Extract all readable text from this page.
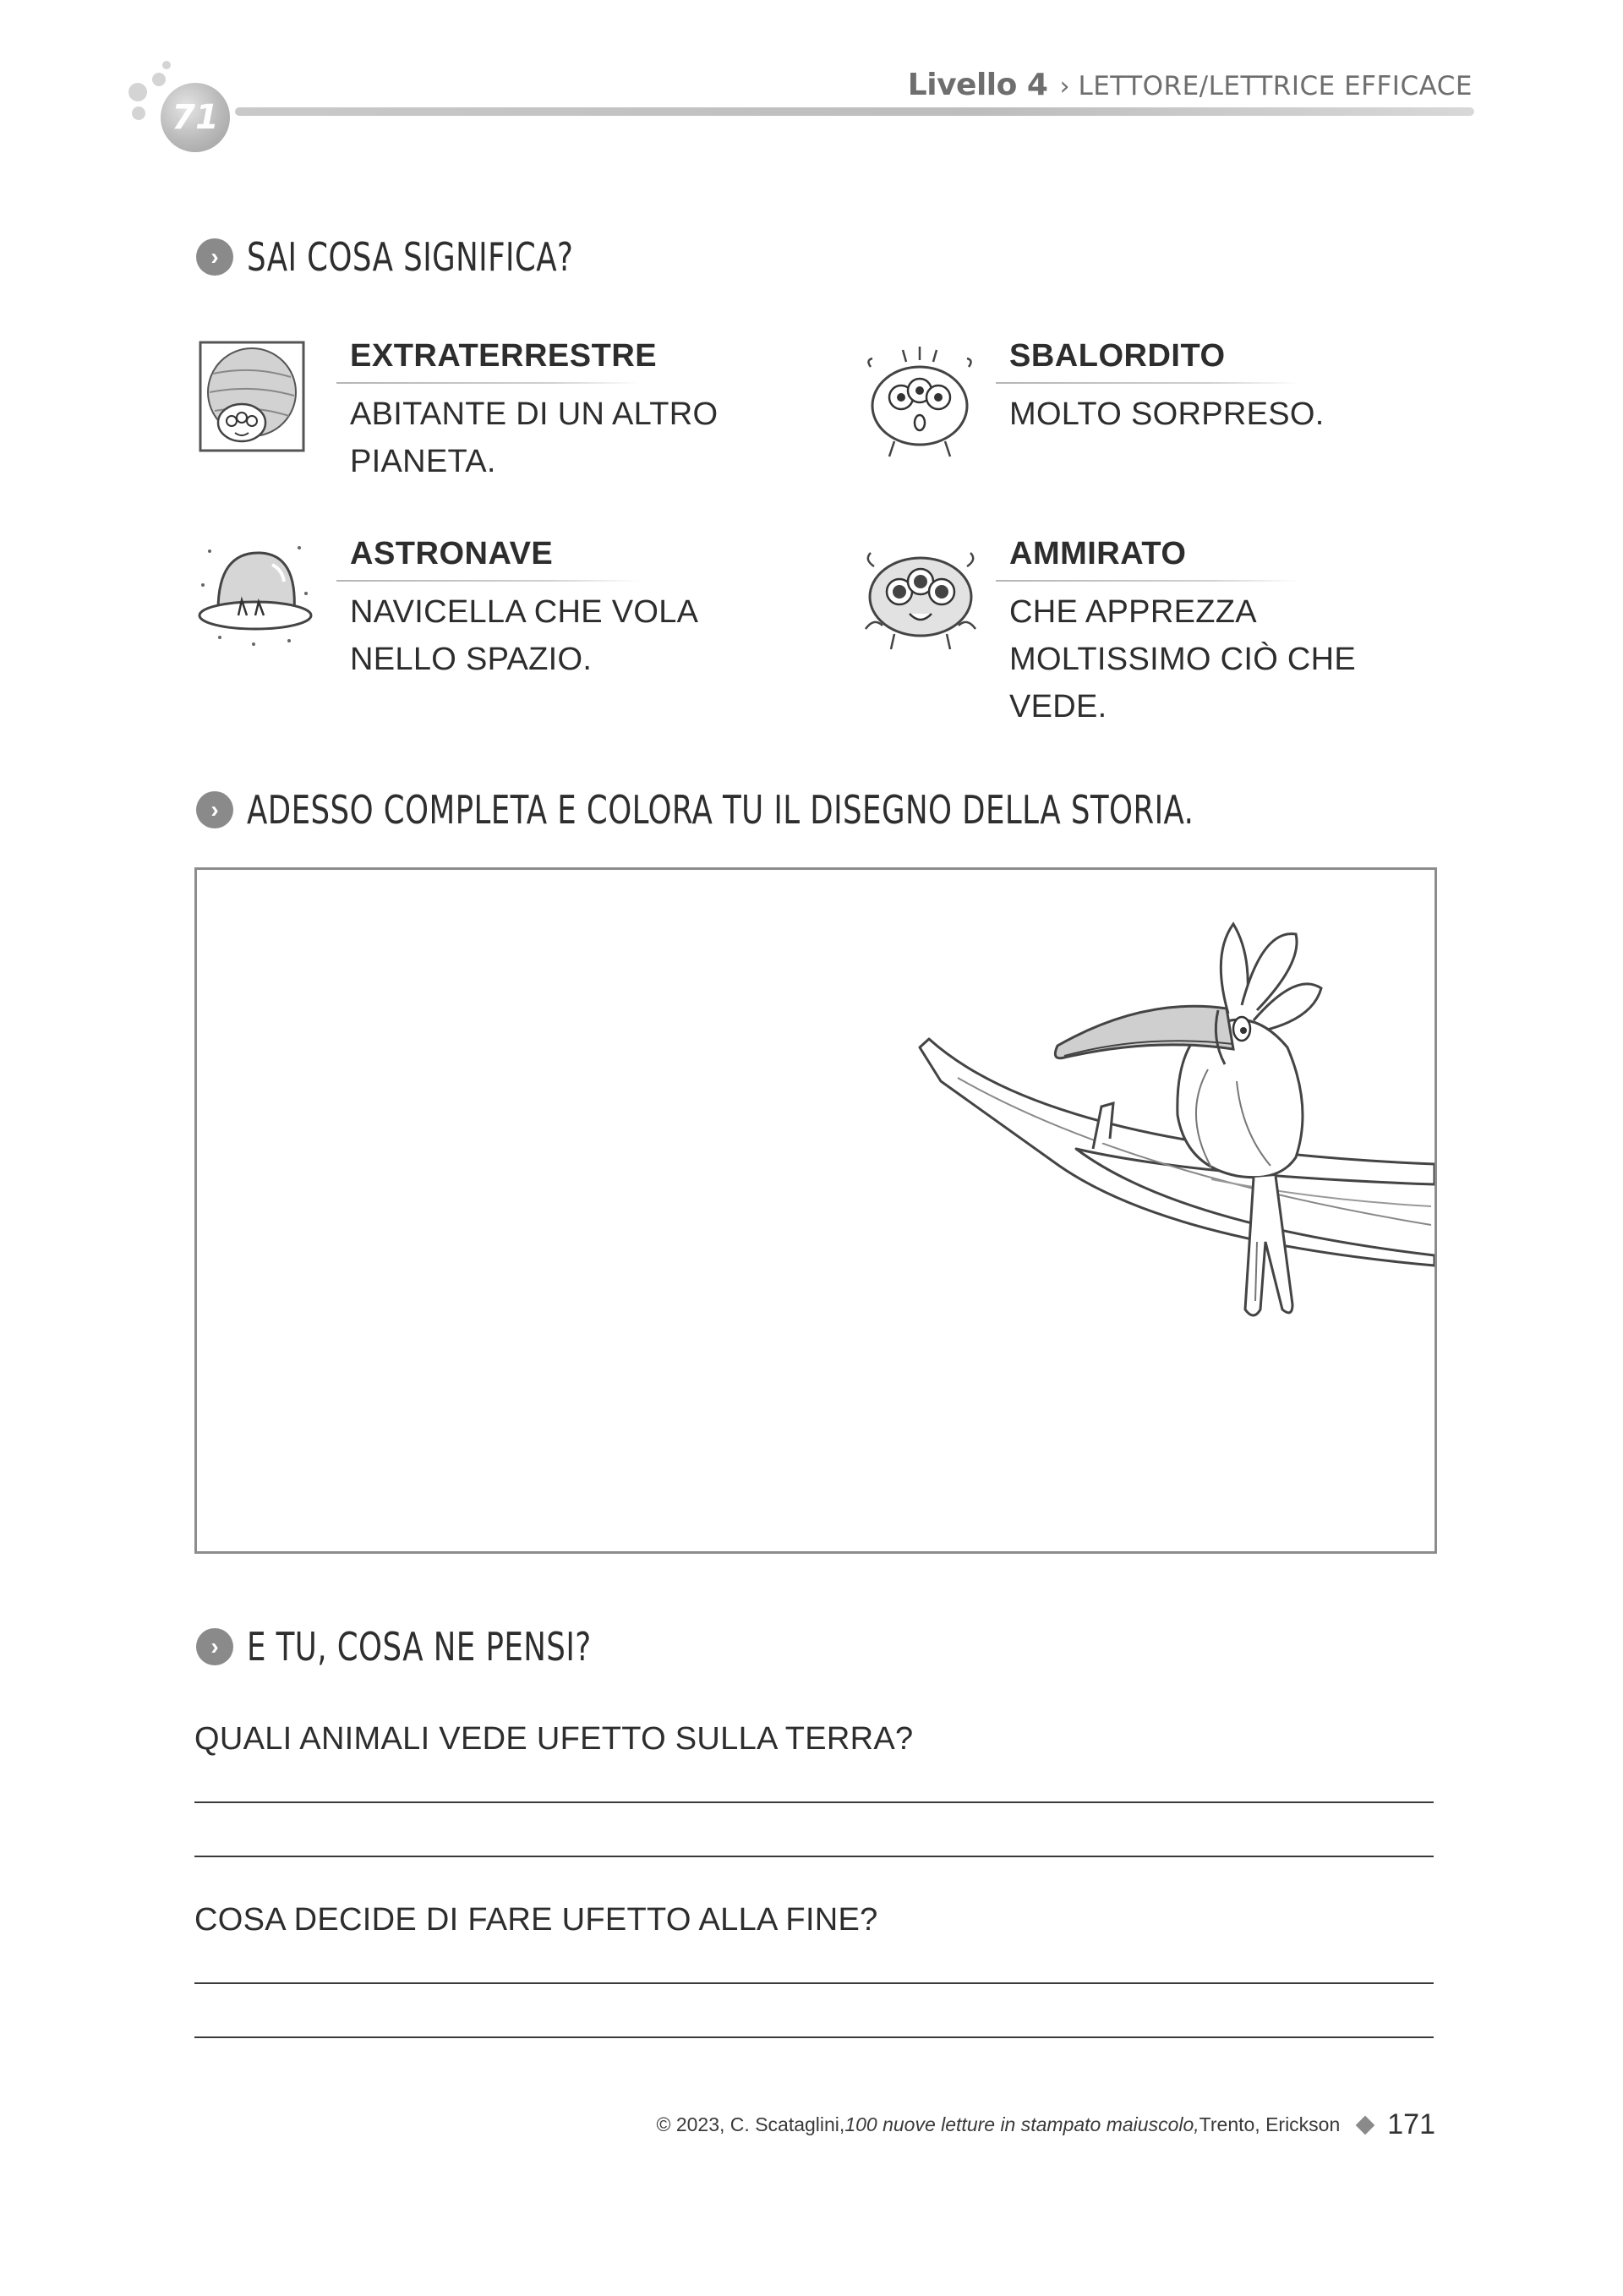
71
Livello 4 › LETTORE/LETTRICE EFFICACE
› SAI COSA SIGNIFICA?
EXTRATERRESTRE
ABITANTE DI UN ALTRO
PIANETA.
SBALORDITO
MOLTO SORPRESO.
ASTRONAVE
NAVICELLA CHE VOLA
NELLO SPAZIO.
AMMIRATO
CHE APPREZZA
MOLTISSIMO CIÒ CHE
VEDE.
› ADESSO COMPLETA E COLORA TU IL DISEGNO DELLA STORIA.
› E TU, COSA NE PENSI?
QUALI ANIMALI VEDE UFETTO SULLA TERRA?
COSA DECIDE DI FARE UFETTO ALLA FINE?
© 2023, C. Scataglini, 100 nuove letture in stampato maiuscolo, Trento, Erickson 171
